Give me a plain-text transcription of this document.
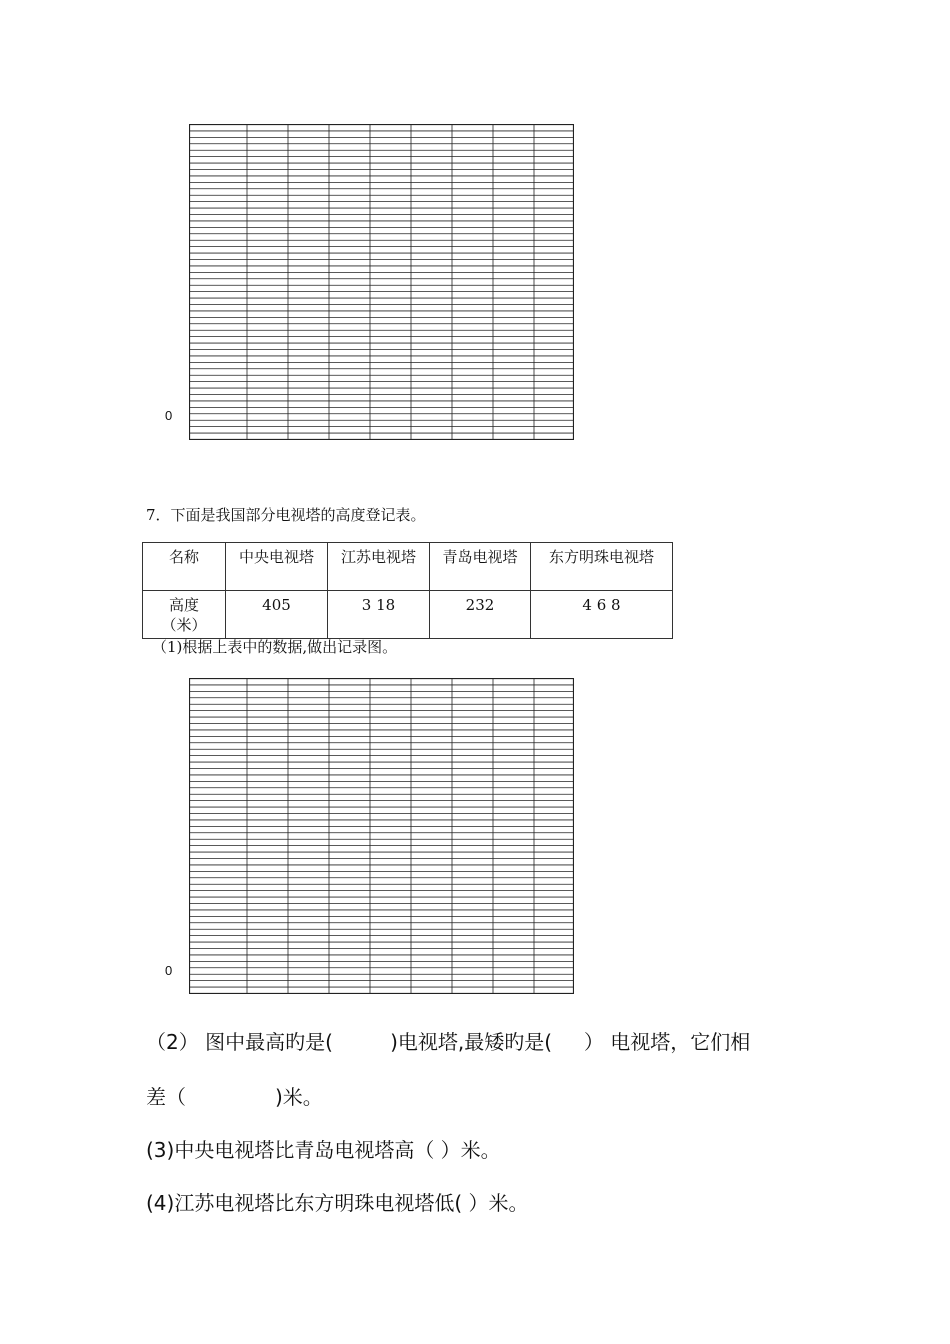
0
7．下面是我国部分电视塔的高度登记表。
名称	中央电视塔	江苏电视塔	青岛电视塔	东方明珠电视塔

高度
（米）	405	3 18	232	4 6 8
（1)根据上表中的数据,做出记录图。
0
（2） 图中最高旳是(         )电视塔,最矮旳是(     ） 电视塔，它们相
差（              )米。
(3)中央电视塔比青岛电视塔高（ ）米。
(4)江苏电视塔比东方明珠电视塔低( ）米。
